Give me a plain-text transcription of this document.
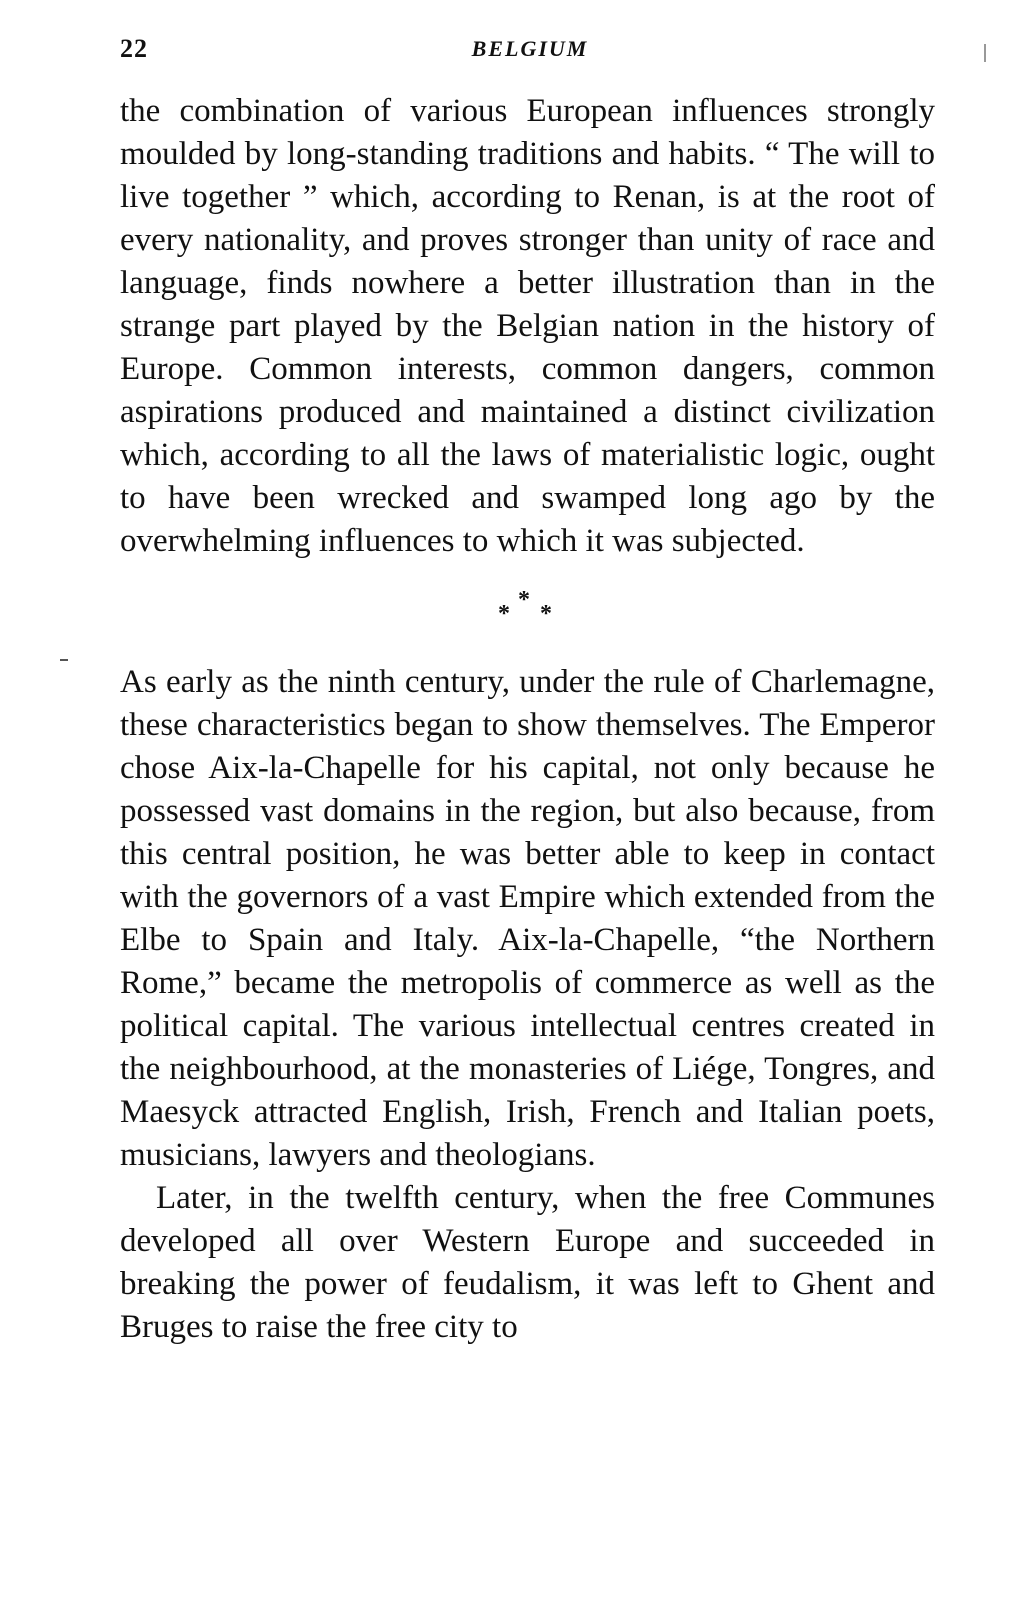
22	BELGIUM

the combination of various European influences strongly moulded by long-standing traditions and habits. “ The will to live together ” which, according to Renan, is at the root of every nationality, and proves stronger than unity of race and language, finds nowhere a better illustration than in the strange part played by the Belgian nation in the history of Europe. Common interests, common dangers, common aspirations produced and maintained a distinct civilization which, according to all the laws of materialistic logic, ought to have been wrecked and swamped long ago by the overwhelming influences to which it was subjected.

*
* *

As early as the ninth century, under the rule of Charlemagne, these characteristics began to show themselves. The Emperor chose Aix-la-Chapelle for his capital, not only because he possessed vast domains in the region, but also because, from this central position, he was better able to keep in contact with the governors of a vast Empire which extended from the Elbe to Spain and Italy. Aix-la-Chapelle, “the Northern Rome,” became the metropolis of commerce as well as the political capital. The various intellectual centres created in the neighbourhood, at the monasteries of Liége, Tongres, and Maesyck attracted English, Irish, French and Italian poets, musicians, lawyers and theologians.

Later, in the twelfth century, when the free Communes developed all over Western Europe and succeeded in breaking the power of feudalism, it was left to Ghent and Bruges to raise the free city to
